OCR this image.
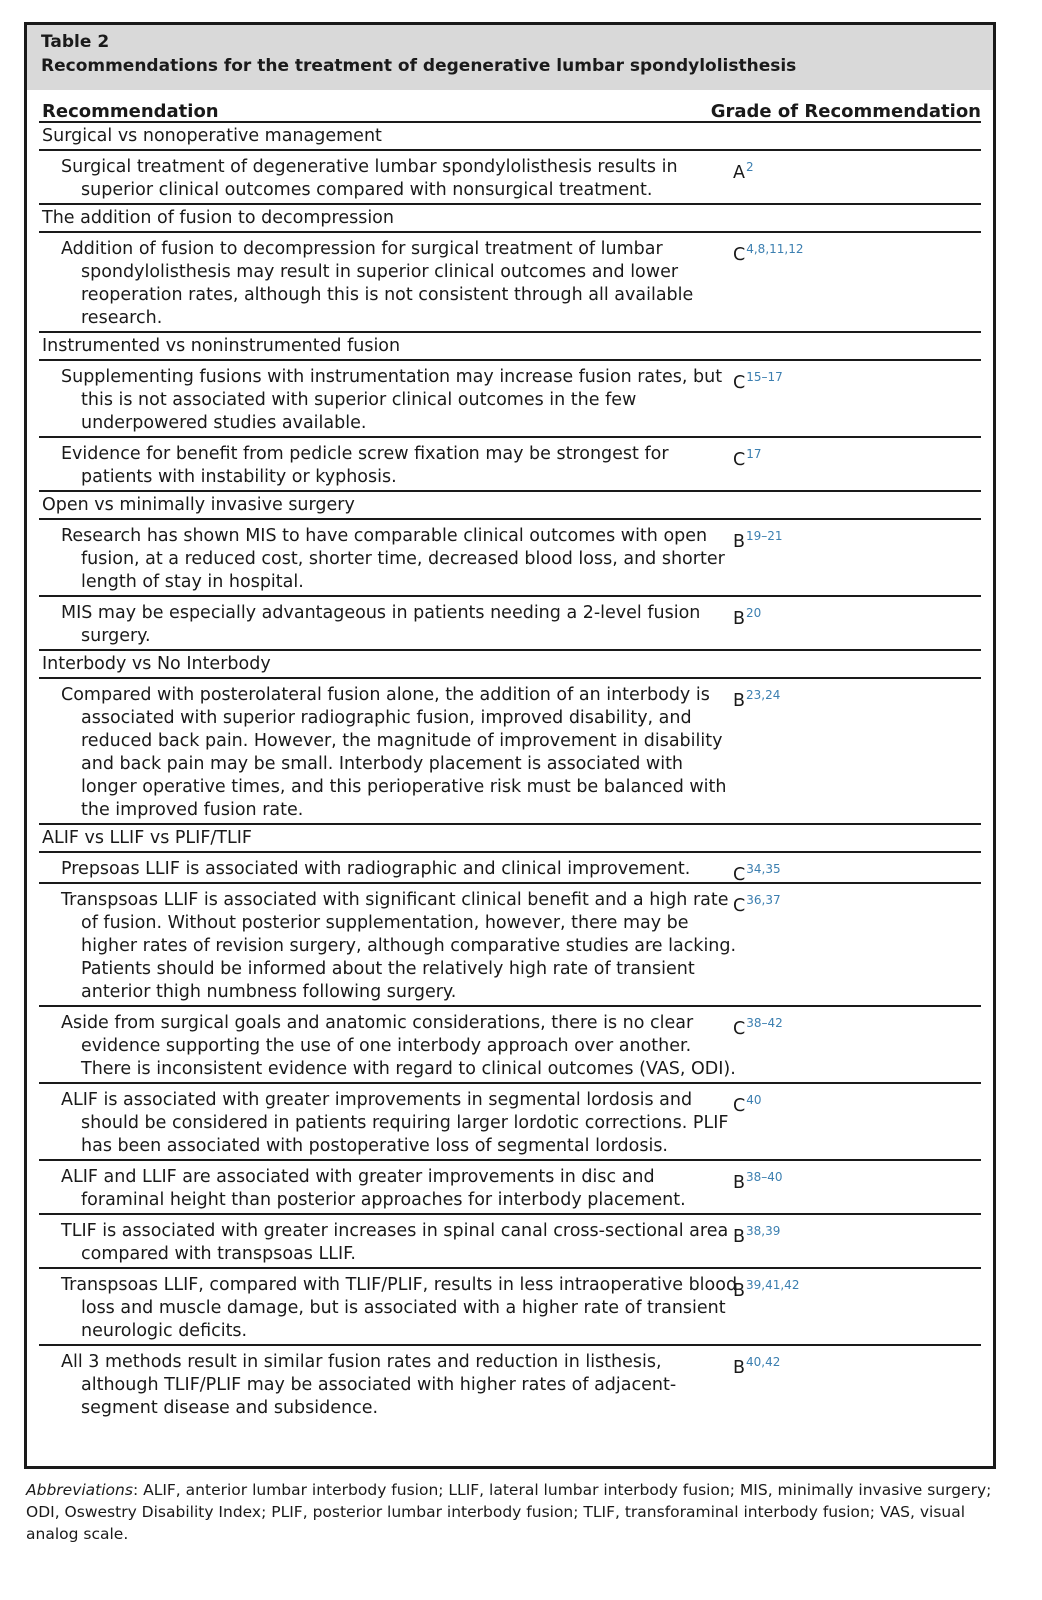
Table 2
Recommendations for the treatment of degenerative lumbar spondylolisthesis
Recommendation	Grade of Recommendation
Surgical vs nonoperative management
Surgical treatment of degenerative lumbar spondylolisthesis results in superior clinical outcomes compared with nonsurgical treatment.
$A^2$
The addition of fusion to decompression
Addition of fusion to decompression for surgical treatment of lumbar spondylolisthesis may result in superior clinical outcomes and lower reoperation rates, although this is not consistent through all available research.
C$^{4,8,11,12}$
Instrumented vs noninstrumented fusion
Supplementing fusions with instrumentation may increase fusion rates, but this is not associated with superior clinical outcomes in the few underpowered studies available.
$C^{15-17}$
Evidence for benefit from pedicle screw fixation may be strongest for patients with instability or kyphosis.
$C^{17}$
Open vs minimally invasive surgery
Research has shown MIS to have comparable clinical outcomes with open fusion, at a reduced cost, shorter time, decreased blood loss, and shorter length of stay in hospital.
$B^{19-21}$
MIS may be especially advantageous in patients needing a 2-level fusion surgery.
$B^{20}$
Interbody vs No Interbody
Compared with posterolateral fusion alone, the addition of an interbody is associated with superior radiographic fusion, improved disability, and reduced back pain. However, the magnitude of improvement in disability and back pain may be small. Interbody placement is associated with longer operative times, and this perioperative risk must be balanced with the improved fusion rate.
B$^{23,24}$
ALIF vs LLIF vs PLIF/TLIF
Prepsoas LLIF is associated with radiographic and clinical improvement.	C$^{34,35}$
Transpsoas LLIF is associated with significant clinical benefit and a high rate of fusion. Without posterior supplementation, however, there may be higher rates of revision surgery, although comparative studies are lacking. Patients should be informed about the relatively high rate of transient anterior thigh numbness following surgery.
C$^{36,37}$
Aside from surgical goals and anatomic considerations, there is no clear evidence supporting the use of one interbody approach over another. There is inconsistent evidence with regard to clinical outcomes (VAS, ODI).
$C^{38-42}$
ALIF is associated with greater improvements in segmental lordosis and should be considered in patients requiring larger lordotic corrections. PLIF has been associated with postoperative loss of segmental lordosis.
$C^{40}$
ALIF and LLIF are associated with greater improvements in disc and foraminal height than posterior approaches for interbody placement.
$B^{38-40}$
TLIF is associated with greater increases in spinal canal cross-sectional area compared with transpsoas LLIF.
B$^{38,39}$
Transpsoas LLIF, compared with TLIF/PLIF, results in less intraoperative blood loss and muscle damage, but is associated with a higher rate of transient neurologic deficits.
B$^{39,41,42}$
All 3 methods result in similar fusion rates and reduction in listhesis, although TLIF/PLIF may be associated with higher rates of adjacent-segment disease and subsidence.
B$^{40,42}$
Abbreviations: ALIF, anterior lumbar interbody fusion; LLIF, lateral lumbar interbody fusion; MIS, minimally invasive surgery; ODI, Oswestry Disability Index; PLIF, posterior lumbar interbody fusion; TLIF, transforaminal interbody fusion; VAS, visual analog scale.
